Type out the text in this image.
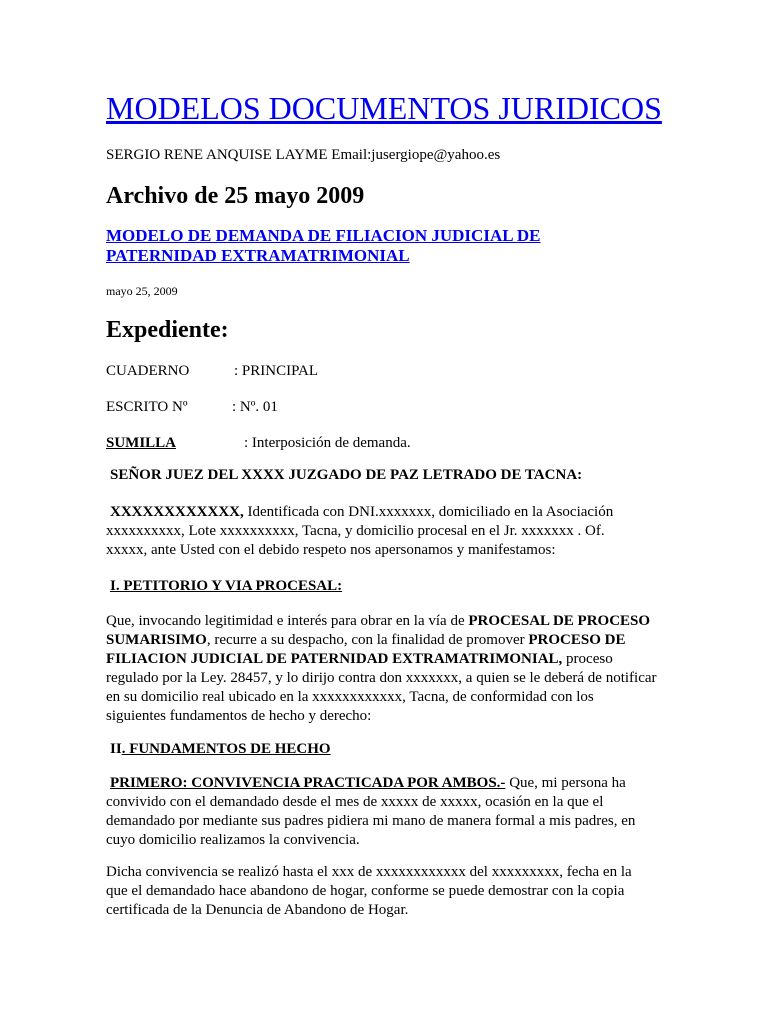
MODELOS DOCUMENTOS JURIDICOS
SERGIO RENE ANQUISE LAYME Email:jusergiope@yahoo.es
Archivo de 25 mayo 2009
MODELO DE DEMANDA DE FILIACION JUDICIAL DE
PATERNIDAD EXTRAMATRIMONIAL
mayo 25, 2009
Expediente:
CUADERNO	: PRINCIPAL
ESCRITO Nº	: Nº. 01
SUMILLA	: Interposición de demanda.
SEÑOR JUEZ DEL XXXX JUZGADO DE PAZ LETRADO DE TACNA:
XXXXXXXXXXXX, Identificada con DNI.xxxxxxx, domiciliado en la Asociación
xxxxxxxxxx, Lote xxxxxxxxxx, Tacna, y domicilio procesal en el Jr. xxxxxxx . Of.
xxxxx, ante Usted con el debido respeto nos apersonamos y manifestamos:
I. PETITORIO Y VIA PROCESAL:
Que, invocando legitimidad e interés para obrar en la vía de PROCESAL DE PROCESO
SUMARISIMO, recurre a su despacho, con la finalidad de promover PROCESO DE
FILIACION JUDICIAL DE PATERNIDAD EXTRAMATRIMONIAL, proceso
regulado por la Ley. 28457, y lo dirijo contra don xxxxxxx, a quien se le deberá de notificar
en su domicilio real ubicado en la xxxxxxxxxxxx, Tacna, de conformidad con los
siguientes fundamentos de hecho y derecho:
II. FUNDAMENTOS DE HECHO
PRIMERO: CONVIVENCIA PRACTICADA POR AMBOS.- Que, mi persona ha
convivido con el demandado desde el mes de xxxxx de xxxxx, ocasión en la que el
demandado por mediante sus padres pidiera mi mano de manera formal a mis padres, en
cuyo domicilio realizamos la convivencia.
Dicha convivencia se realizó hasta el xxx de xxxxxxxxxxxx del xxxxxxxxx, fecha en la
que el demandado hace abandono de hogar, conforme se puede demostrar con la copia
certificada de la Denuncia de Abandono de Hogar.
